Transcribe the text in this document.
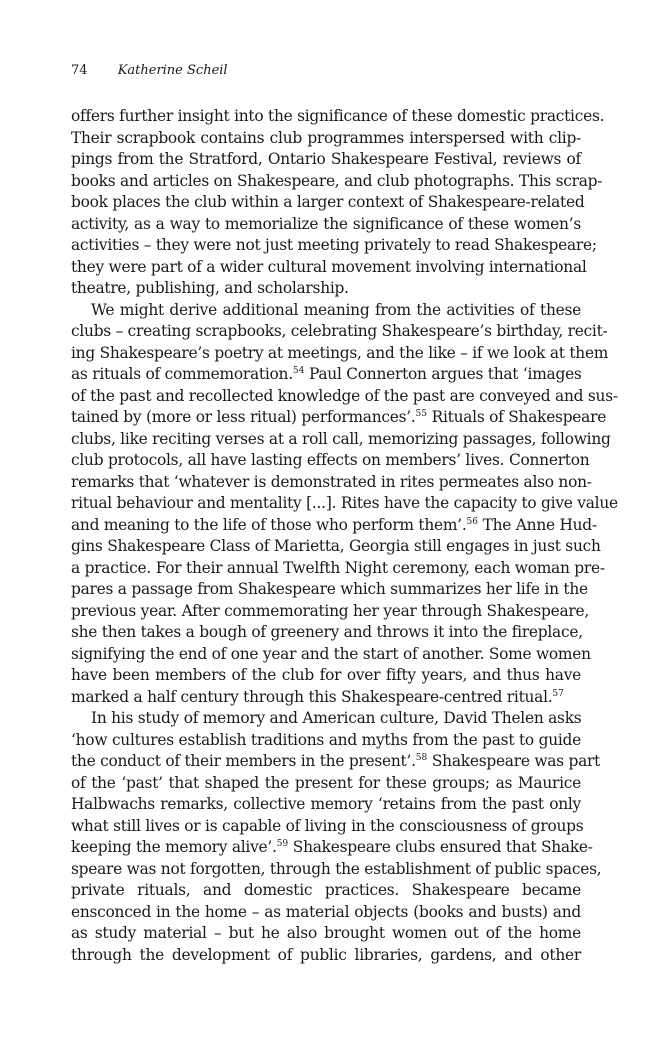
74 Katherine Scheil
offers further insight into the significance of these domestic practices.
Their scrapbook contains club programmes interspersed with clip-
pings from the Stratford, Ontario Shakespeare Festival, reviews of
books and articles on Shakespeare, and club photographs. This scrap-
book places the club within a larger context of Shakespeare-related
activity, as a way to memorialize the significance of these women’s
activities – they were not just meeting privately to read Shakespeare;
they were part of a wider cultural movement involving international
theatre, publishing, and scholarship.
We might derive additional meaning from the activities of these
clubs – creating scrapbooks, celebrating Shakespeare’s birthday, recit-
ing Shakespeare’s poetry at meetings, and the like – if we look at them
as rituals of commemoration.$^{54}$ Paul Connerton argues that ‘images
of the past and recollected knowledge of the past are conveyed and sus-
tained by (more or less ritual) performances’.$^{55}$ Rituals of Shakespeare
clubs, like reciting verses at a roll call, memorizing passages, following
club protocols, all have lasting effects on members’ lives. Connerton
remarks that ‘whatever is demonstrated in rites permeates also non-
ritual behaviour and mentality [...]. Rites have the capacity to give value
and meaning to the life of those who perform them’.$^{56}$ The Anne Hud-
gins Shakespeare Class of Marietta, Georgia still engages in just such
a practice. For their annual Twelfth Night ceremony, each woman pre-
pares a passage from Shakespeare which summarizes her life in the
previous year. After commemorating her year through Shakespeare,
she then takes a bough of greenery and throws it into the fireplace,
signifying the end of one year and the start of another. Some women
have been members of the club for over fifty years, and thus have
marked a half century through this Shakespeare-centred ritual.$^{57}$
In his study of memory and American culture, David Thelen asks
‘how cultures establish traditions and myths from the past to guide
the conduct of their members in the present’.$^{58}$ Shakespeare was part
of the ‘past’ that shaped the present for these groups; as Maurice
Halbwachs remarks, collective memory ‘retains from the past only
what still lives or is capable of living in the consciousness of groups
keeping the memory alive’.$^{59}$ Shakespeare clubs ensured that Shake-
speare was not forgotten, through the establishment of public spaces,
private rituals, and domestic practices. Shakespeare became
ensconced in the home – as material objects (books and busts) and
as study material – but he also brought women out of the home
through the development of public libraries, gardens, and other
